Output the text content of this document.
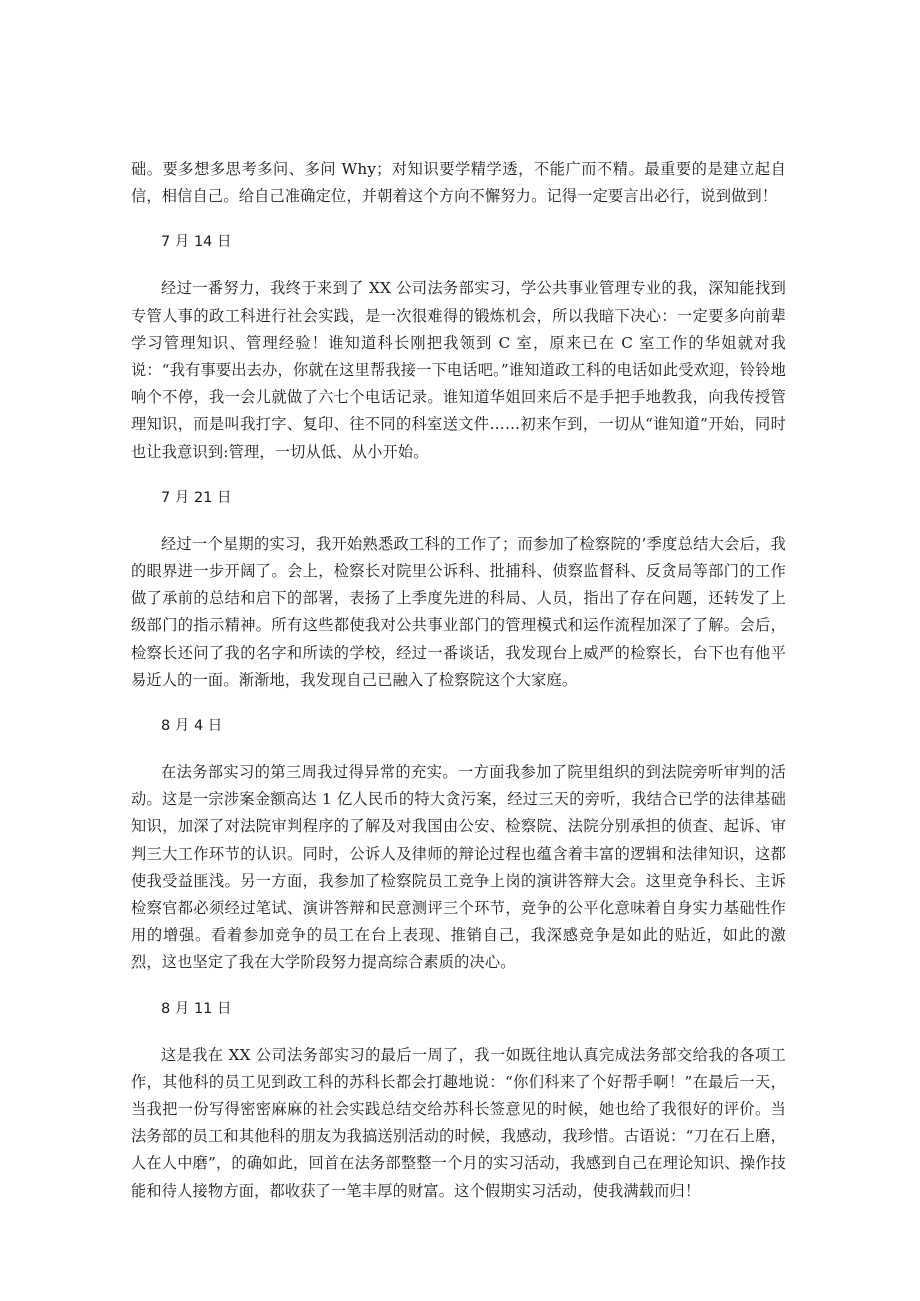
础。要多想多思考多问、多问 Why；对知识要学精学透，不能广而不精。最重要的是建立起自信，相信自己。给自己准确定位，并朝着这个方向不懈努力。记得一定要言出必行，说到做到！

7 月 14 日

经过一番努力，我终于来到了 XX 公司法务部实习，学公共事业管理专业的我，深知能找到专管人事的政工科进行社会实践，是一次很难得的锻炼机会，所以我暗下决心：一定要多向前辈学习管理知识、管理经验！谁知道科长刚把我领到 C 室，原来已在 C 室工作的华姐就对我说：“我有事要出去办，你就在这里帮我接一下电话吧。”谁知道政工科的电话如此受欢迎，铃铃地响个不停，我一会儿就做了六七个电话记录。谁知道华姐回来后不是手把手地教我，向我传授管理知识，而是叫我打字、复印、往不同的科室送文件……初来乍到，一切从“谁知道”开始，同时也让我意识到:管理，一切从低、从小开始。

7 月 21 日

经过一个星期的实习，我开始熟悉政工科的工作了；而参加了检察院的’季度总结大会后，我的眼界进一步开阔了。会上，检察长对院里公诉科、批捕科、侦察监督科、反贪局等部门的工作做了承前的总结和启下的部署，表扬了上季度先进的科局、人员，指出了存在问题，还转发了上级部门的指示精神。所有这些都使我对公共事业部门的管理模式和运作流程加深了了解。会后，检察长还问了我的名字和所读的学校，经过一番谈话，我发现台上威严的检察长，台下也有他平易近人的一面。渐渐地，我发现自己已融入了检察院这个大家庭。

8 月 4 日

在法务部实习的第三周我过得异常的充实。一方面我参加了院里组织的到法院旁听审判的活动。这是一宗涉案金额高达 1 亿人民币的特大贪污案，经过三天的旁听，我结合已学的法律基础知识，加深了对法院审判程序的了解及对我国由公安、检察院、法院分别承担的侦查、起诉、审判三大工作环节的认识。同时，公诉人及律师的辩论过程也蕴含着丰富的逻辑和法律知识，这都使我受益匪浅。另一方面，我参加了检察院员工竞争上岗的演讲答辩大会。这里竞争科长、主诉检察官都必须经过笔试、演讲答辩和民意测评三个环节，竞争的公平化意味着自身实力基础性作用的增强。看着参加竞争的员工在台上表现、推销自己，我深感竞争是如此的贴近，如此的激烈，这也坚定了我在大学阶段努力提高综合素质的决心。

8 月 11 日

这是我在 XX 公司法务部实习的最后一周了，我一如既往地认真完成法务部交给我的各项工作，其他科的员工见到政工科的苏科长都会打趣地说：“你们科来了个好帮手啊！”在最后一天，当我把一份写得密密麻麻的社会实践总结交给苏科长签意见的时候，她也给了我很好的评价。当法务部的员工和其他科的朋友为我搞送别活动的时候，我感动，我珍惜。古语说：“刀在石上磨，人在人中磨”，的确如此，回首在法务部整整一个月的实习活动，我感到自己在理论知识、操作技能和待人接物方面，都收获了一笔丰厚的财富。这个假期实习活动，使我满载而归！
